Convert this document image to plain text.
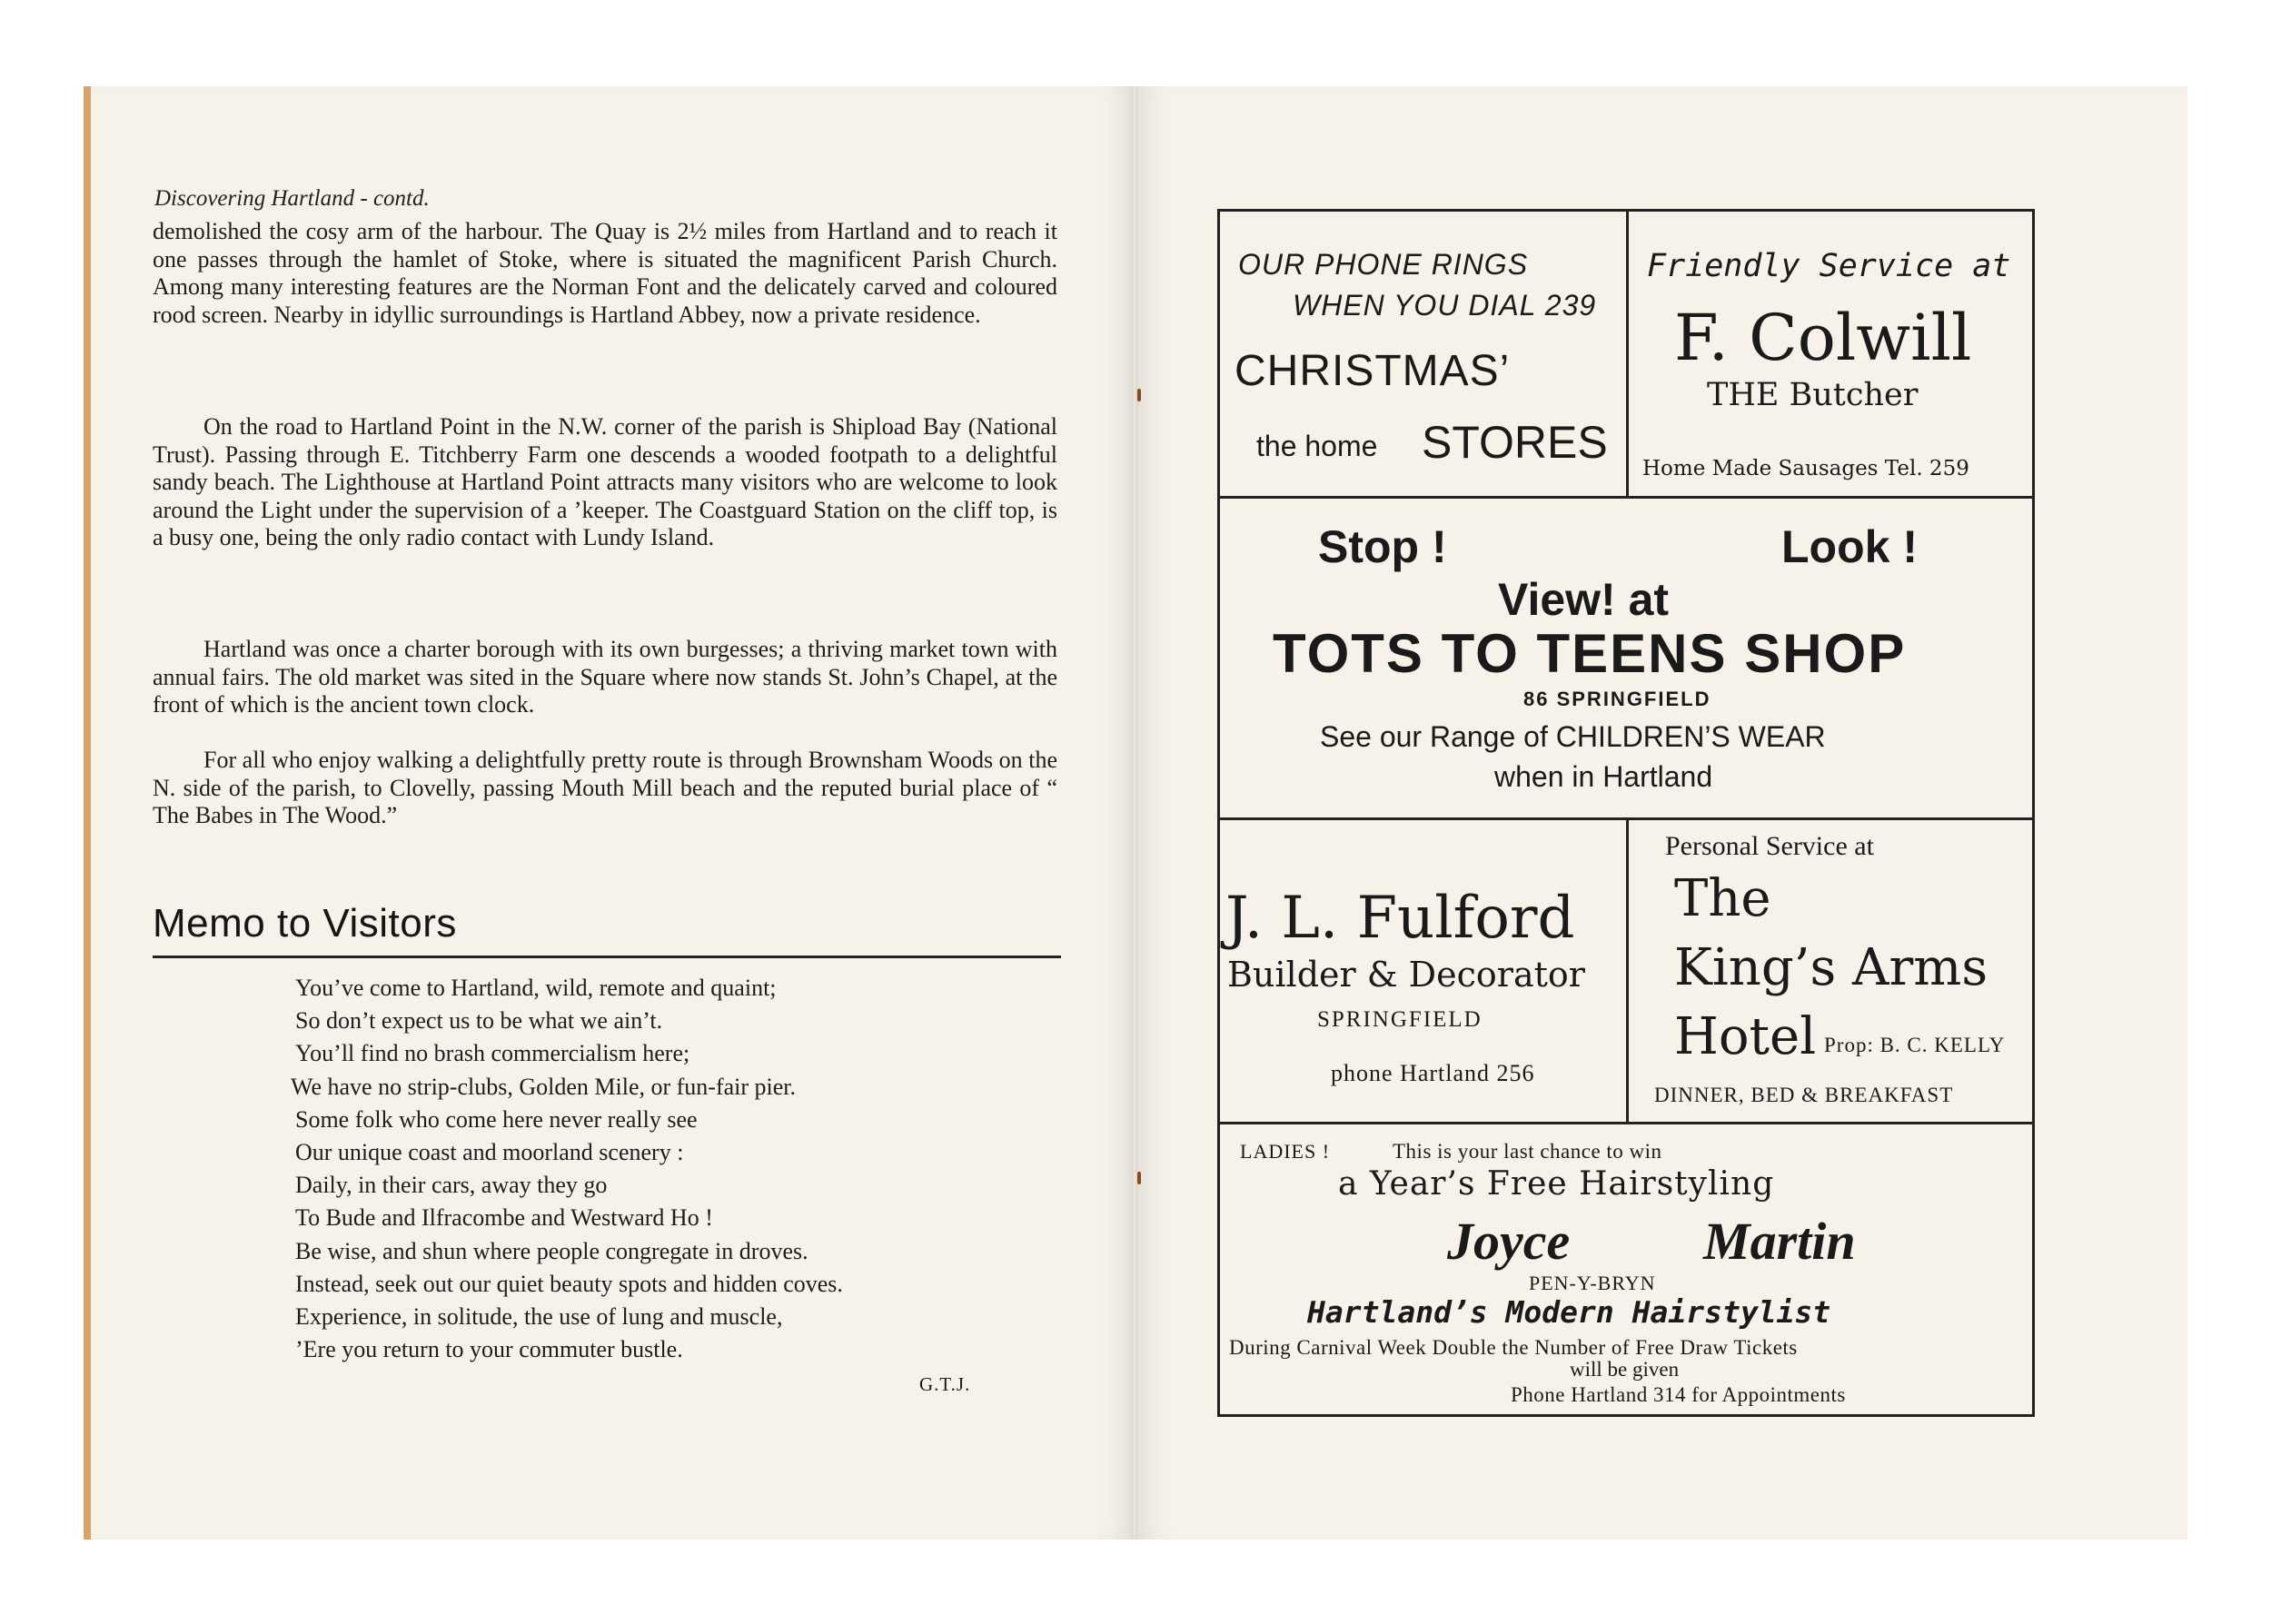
Discovering Hartland - contd.

demolished the cosy arm of the harbour. The Quay is 2½ miles from Hartland and to reach it one passes through the hamlet of Stoke, where is situated the magnificent Parish Church. Among many interesting features are the Norman Font and the delicately carved and coloured rood screen. Nearby in idyllic surroundings is Hartland Abbey, now a private residence.

On the road to Hartland Point in the N.W. corner of the parish is Shipload Bay (National Trust). Passing through E. Titchberry Farm one descends a wooded footpath to a delightful sandy beach. The Lighthouse at Hartland Point attracts many visitors who are welcome to look around the Light under the supervision of a ’keeper. The Coastguard Station on the cliff top, is a busy one, being the only radio contact with Lundy Island.

Hartland was once a charter borough with its own burgesses; a thriving market town with annual fairs. The old market was sited in the Square where now stands St. John’s Chapel, at the front of which is the ancient town clock.

For all who enjoy walking a delightfully pretty route is through Brownsham Woods on the N. side of the parish, to Clovelly, passing Mouth Mill beach and the reputed burial place of “ The Babes in The Wood.”

Memo to Visitors
You’ve come to Hartland, wild, remote and quaint;
So don’t expect us to be what we ain’t.
You’ll find no brash commercialism here;
We have no strip-clubs, Golden Mile, or fun-fair pier.
Some folk who come here never really see
Our unique coast and moorland scenery :
Daily, in their cars, away they go
To Bude and Ilfracombe and Westward Ho !
Be wise, and shun where people congregate in droves.
Instead, seek out our quiet beauty spots and hidden coves.
Experience, in solitude, the use of lung and muscle,
’Ere you return to your commuter bustle.
G.T.J.
OUR PHONE RINGS
WHEN YOU DIAL 239
CHRISTMAS’
the home STORES
Friendly Service at
F. Colwill
THE Butcher
Home Made Sausages Tel. 259
Stop !	Look !
View! at
TOTS TO TEENS SHOP
86 SPRINGFIELD
See our Range of CHILDREN’S WEAR
when in Hartland
J. L. Fulford
Builder & Decorator
SPRINGFIELD
phone Hartland 256
Personal Service at
The
King’s Arms
Hotel Prop: B. C. KELLY
DINNER, BED & BREAKFAST
LADIES !	This is your last chance to win
a Year’s Free Hairstyling
Joyce	Martin
PEN-Y-BRYN
Hartland’s Modern Hairstylist
During Carnival Week Double the Number of Free Draw Tickets
will be given
Phone Hartland 314 for Appointments
